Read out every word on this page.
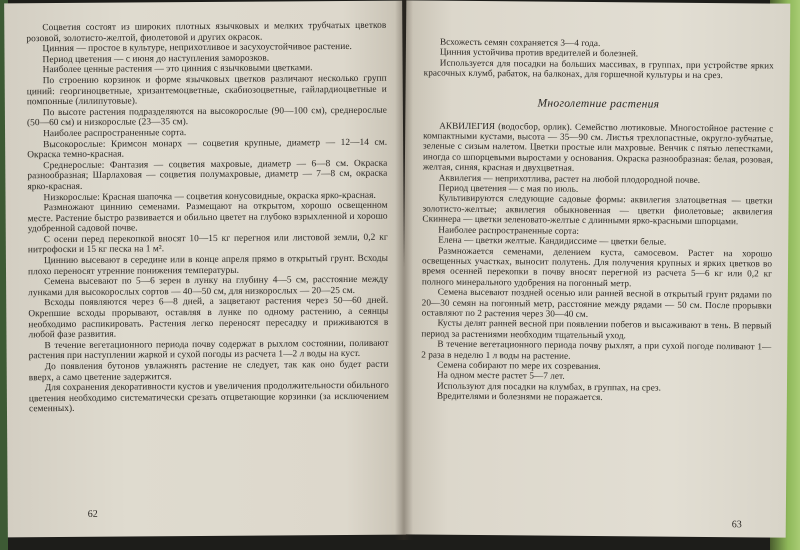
Соцветия состоят из широких плотных язычковых и мелких трубчатых цветков розовой, золотисто-желтой, фиолетовой и других окрасок.

Цинния — простое в культуре, неприхотливое и засухоустойчивое растение.

Период цветения — с июня до наступления заморозков.

Наиболее ценные растения — это цинния с язычковыми цветками.

По строению корзинок и форме язычковых цветков различают несколько групп циний: георгиноцветные, хризантемоцветные, скабиозоцветные, гайлардиоцветные и помпонные (лилипутовые).

По высоте растения подразделяются на высокорослые (90—100 см), среднерослые (50—60 см) и низкорослые (23—35 см).

Наиболее распространенные сорта.

Высокорослые: Кримсон монарх — соцветия крупные, диаметр — 12—14 см. Окраска темно-красная.

Среднерослые: Фантазия — соцветия махровые, диаметр — 6—8 см. Окраска разнообразная; Шарлаховая — соцветия полумахровые, диаметр — 7—8 см, окраска ярко-красная.

Низкорослые: Красная шапочка — соцветия конусовидные, окраска ярко-красная.

Размножают циннию семенами. Размещают на открытом, хорошо освещенном месте. Растение быстро развивается и обильно цветет на глубоко взрыхленной и хорошо удобренной садовой почве.

С осени перед перекопкой вносят 10—15 кг перегноя или листовой земли, 0,2 кг нитрофоски и 15 кг песка на 1 м².

Циннию высевают в середине или в конце апреля прямо в открытый грунт. Всходы плохо переносят утренние понижения температуры.

Семена высевают по 5—6 зерен в лунку на глубину 4—5 см, расстояние между лунками для высокорослых сортов — 40—50 см, для низкорослых — 20—25 см.

Всходы появляются через 6—8 дней, а зацветают растения через 50—60 дней. Окрепшие всходы прорывают, оставляя в лунке по одному растению, а сеянцы необходимо распикировать. Растения легко переносят пересадку и приживаются в любой фазе развития.

В течение вегетационного периода почву содержат в рыхлом состоянии, поливают растения при наступлении жаркой и сухой погоды из расчета 1—2 л воды на куст.

До появления бутонов увлажнять растение не следует, так как оно будет расти вверх, а само цветение задержится.

Для сохранения декоративности кустов и увеличения продолжительности обильного цветения необходимо систематически срезать отцветающие корзинки (за исключением семенных).

62

Всхожесть семян сохраняется 3—4 года.

Цинния устойчива против вредителей и болезней.

Используется для посадки на больших массивах, в группах, при устройстве ярких красочных клумб, рабаток, на балконах, для горшечной культуры и на срез.

Многолетние растения

АКВИЛЕГИЯ (водосбор, орлик). Семейство лютиковые. Многостойное растение с компактными кустами, высота — 35—90 см. Листья трехлопастные, округло-зубчатые, зеленые с сизым налетом. Цветки простые или махровые. Венчик с пятью лепестками, иногда со шпорцевыми выростами у основания. Окраска разнообразная: белая, розовая, желтая, синяя, красная и двухцветная.

Аквилегия — неприхотлива, растет на любой плодородной почве.

Период цветения — с мая по июль.

Культивируются следующие садовые формы: аквилегия златоцветная — цветки золотисто-желтые; аквилегия обыкновенная — цветки фиолетовые; аквилегия Скиннера — цветки зеленовато-желтые с длинными ярко-красными шпорцами.

Наиболее распространенные сорта:

Елена — цветки желтые. Кандидиссиме — цветки белые.

Размножается семенами, делением куста, самосевом. Растет на хорошо освещенных участках, выносит полутень. Для получения крупных и ярких цветков во время осенней перекопки в почву вносят перегной из расчета 5—6 кг или 0,2 кг полного минерального удобрения на погонный метр.

Семена высевают поздней осенью или ранней весной в открытый грунт рядами по 20—30 семян на погонный метр, расстояние между рядами — 50 см. После прорывки оставляют по 2 растения через 30—40 см.

Кусты делят ранней весной при появлении побегов и высаживают в тень. В первый период за растениями необходим тщательный уход.

В течение вегетационного периода почву рыхлят, а при сухой погоде поливают 1—2 раза в неделю 1 л воды на растение.

Семена собирают по мере их созревания.

На одном месте растет 5—7 лет.

Используют для посадки на клумбах, в группах, на срез.

Вредителями и болезнями не поражается.

63
